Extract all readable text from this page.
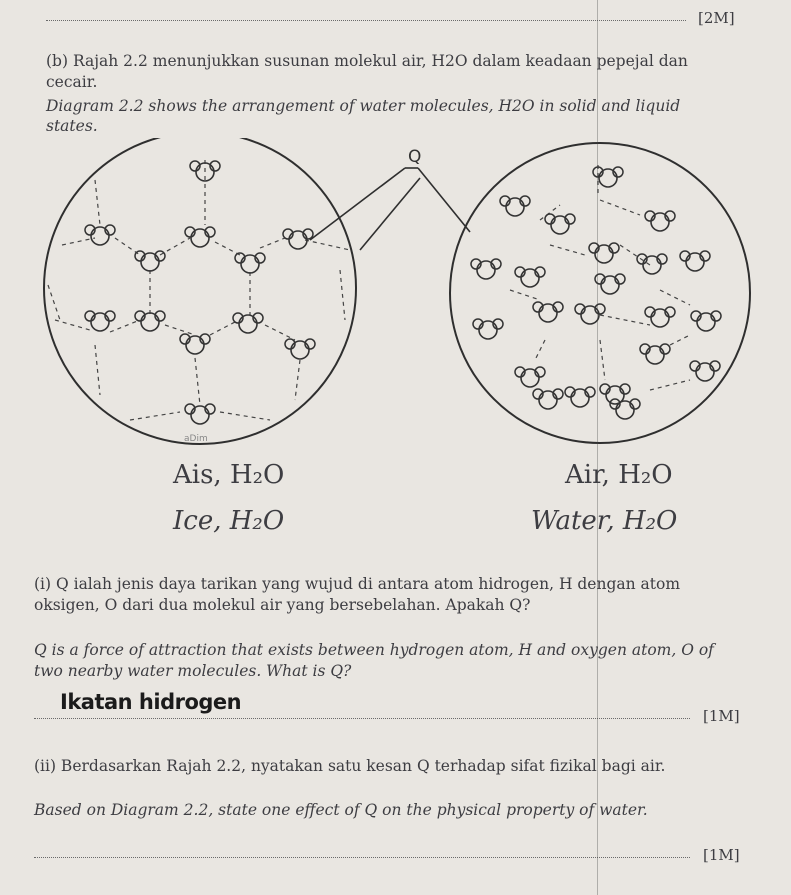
[2M]
(b) Rajah 2.2 menunjukkan susunan molekul air, H2O dalam keadaan pepejal dan cecair.
Diagram 2.2 shows the arrangement of water molecules, H2O in solid and liquid states.
aDim
Q
Ais, H₂O
Ice, H₂O
Air, H₂O
Water, H₂O
(i) Q ialah jenis daya tarikan yang wujud di antara atom hidrogen, H dengan atom oksigen, O dari dua molekul air yang bersebelahan. Apakah Q?
Q is a force of attraction that exists between hydrogen atom, H and oxygen atom, O of two nearby water molecules. What is Q?
Ikatan hidrogen
[1M]
(ii) Berdasarkan Rajah 2.2, nyatakan satu kesan Q terhadap sifat fizikal bagi air.
Based on Diagram 2.2, state one effect of Q on the physical property of water.
[1M]
